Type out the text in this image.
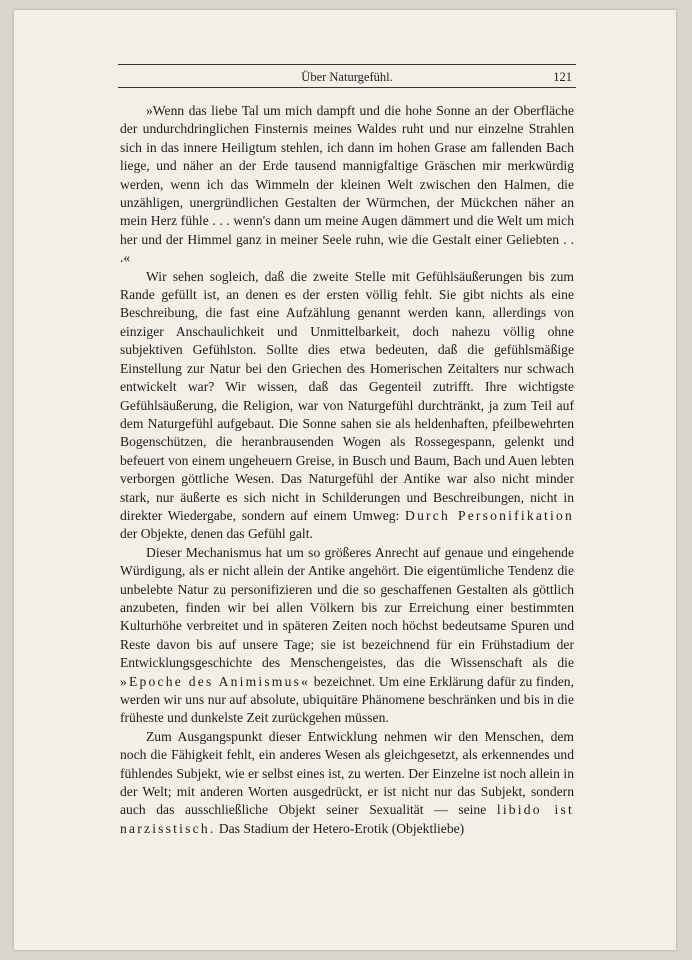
Über Naturgefühl.	121

»Wenn das liebe Tal um mich dampft und die hohe Sonne an der Oberfläche der undurchdringlichen Finsternis meines Waldes ruht und nur einzelne Strahlen sich in das innere Heiligtum stehlen, ich dann im hohen Grase am fallenden Bach liege, und näher an der Erde tausend mannigfaltige Gräschen mir merkwürdig werden, wenn ich das Wimmeln der kleinen Welt zwischen den Halmen, die unzähligen, unergründlichen Gestalten der Würmchen, der Mückchen näher an mein Herz fühle . . . wenn's dann um meine Augen dämmert und die Welt um mich her und der Himmel ganz in meiner Seele ruhn, wie die Gestalt einer Geliebten . . .«

Wir sehen sogleich, daß die zweite Stelle mit Gefühlsäußerungen bis zum Rande gefüllt ist, an denen es der ersten völlig fehlt. Sie gibt nichts als eine Beschreibung, die fast eine Aufzählung genannt werden kann, allerdings von einziger Anschaulichkeit und Unmittelbarkeit, doch nahezu völlig ohne subjektiven Gefühlston. Sollte dies etwa bedeuten, daß die gefühlsmäßige Einstellung zur Natur bei den Griechen des Homerischen Zeitalters nur schwach entwickelt war? Wir wissen, daß das Gegenteil zutrifft. Ihre wichtigste Gefühlsäußerung, die Religion, war von Naturgefühl durchtränkt, ja zum Teil auf dem Naturgefühl aufgebaut. Die Sonne sahen sie als heldenhaften, pfeilbewehrten Bogenschützen, die heranbrausenden Wogen als Rossegespann, gelenkt und befeuert von einem ungeheuern Greise, in Busch und Baum, Bach und Auen lebten verborgen göttliche Wesen. Das Naturgefühl der Antike war also nicht minder stark, nur äußerte es sich nicht in Schilderungen und Beschreibungen, nicht in direkter Wiedergabe, sondern auf einem Umweg: Durch Personifikation der Objekte, denen das Gefühl galt.

Dieser Mechanismus hat um so größeres Anrecht auf genaue und eingehende Würdigung, als er nicht allein der Antike angehört. Die eigentümliche Tendenz die unbelebte Natur zu personifizieren und die so geschaffenen Gestalten als göttlich anzubeten, finden wir bei allen Völkern bis zur Erreichung einer bestimmten Kulturhöhe verbreitet und in späteren Zeiten noch höchst bedeutsame Spuren und Reste davon bis auf unsere Tage; sie ist bezeichnend für ein Frühstadium der Entwicklungsgeschichte des Menschengeistes, das die Wissenschaft als die »Epoche des Animismus« bezeichnet. Um eine Erklärung dafür zu finden, werden wir uns nur auf absolute, ubiquitäre Phänomene beschränken und bis in die früheste und dunkelste Zeit zurückgehen müssen.

Zum Ausgangspunkt dieser Entwicklung nehmen wir den Menschen, dem noch die Fähigkeit fehlt, ein anderes Wesen als gleichgesetzt, als erkennendes und fühlendes Subjekt, wie er selbst eines ist, zu werten. Der Einzelne ist noch allein in der Welt; mit anderen Worten ausgedrückt, er ist nicht nur das Subjekt, sondern auch das ausschließliche Objekt seiner Sexualität — seine libido ist narzisstisch. Das Stadium der Hetero-Erotik (Objektliebe)
